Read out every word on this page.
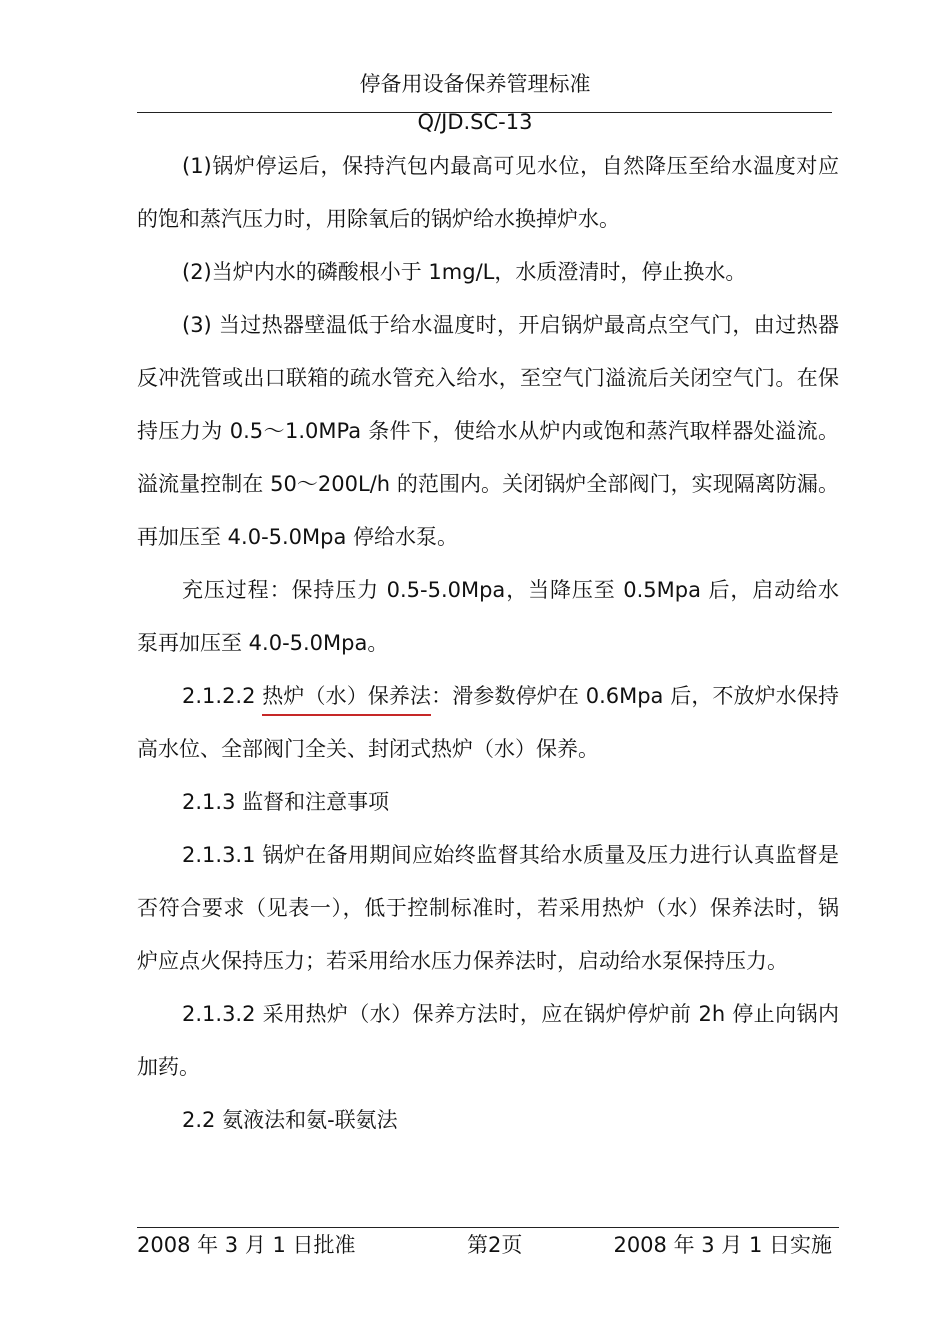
停备用设备保养管理标准
Q/JD.SC-13

(1)锅炉停运后，保持汽包内最高可见水位，自然降压至给水温度对应的饱和蒸汽压力时，用除氧后的锅炉给水换掉炉水。

(2)当炉内水的磷酸根小于 1mg/L，水质澄清时，停止换水。

(3) 当过热器壁温低于给水温度时，开启锅炉最高点空气门，由过热器反冲洗管或出口联箱的疏水管充入给水，至空气门溢流后关闭空气门。在保持压力为 0.5～1.0MPa 条件下，使给水从炉内或饱和蒸汽取样器处溢流。溢流量控制在 50～200L/h 的范围内。关闭锅炉全部阀门，实现隔离防漏。再加压至 4.0-5.0Mpa 停给水泵。

充压过程：保持压力 0.5-5.0Mpa，当降压至 0.5Mpa 后，启动给水泵再加压至 4.0-5.0Mpa。

2.1.2.2 热炉（水）保养法：滑参数停炉在 0.6Mpa 后，不放炉水保持高水位、全部阀门全关、封闭式热炉（水）保养。

2.1.3 监督和注意事项

2.1.3.1 锅炉在备用期间应始终监督其给水质量及压力进行认真监督是否符合要求（见表一），低于控制标准时，若采用热炉（水）保养法时，锅炉应点火保持压力；若采用给水压力保养法时，启动给水泵保持压力。

2.1.3.2 采用热炉（水）保养方法时，应在锅炉停炉前 2h 停止向锅内加药。

2.2 氨液法和氨-联氨法

2008 年 3 月 1 日批准	第2页	2008 年 3 月 1 日实施
